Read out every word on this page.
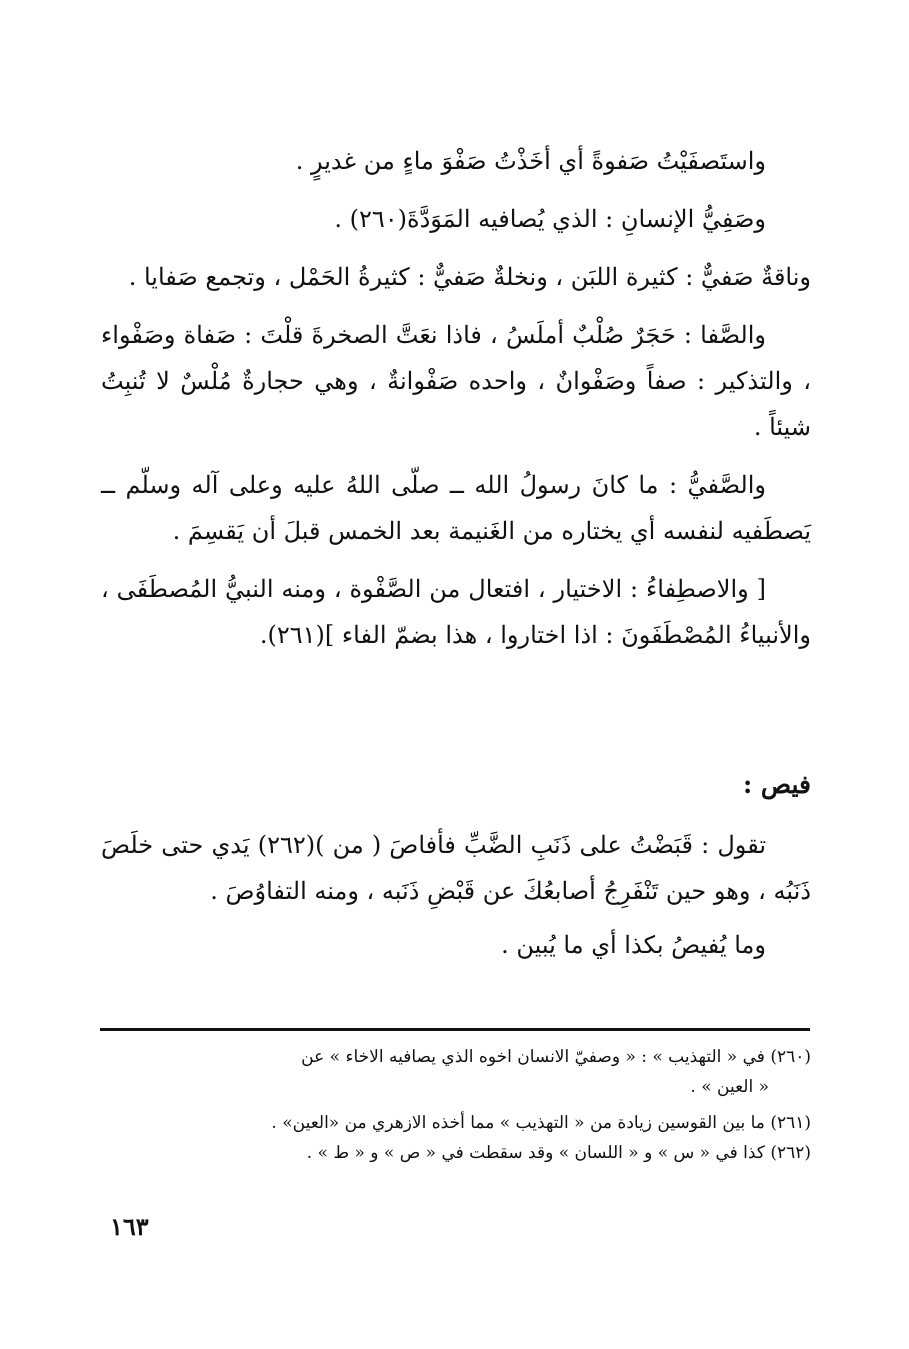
واستَصفَيْتُ صَفوةً أي أخَذْتُ صَفْوَ ماءٍ من غديرٍ .

وصَفِيُّ الإنسانِ : الذي يُصافيه المَوَدَّةَ(٢٦٠) .

وناقةٌ صَفيٌّ : كثيرة اللبَن ، ونخلةٌ صَفيٌّ : كثيرةُ الحَمْل ، وتجمع صَفايا .

والصَّفا : حَجَرٌ صُلْبٌ أملَسُ ، فاذا نعَتَّ الصخرةَ قلْتَ : صَفاة وصَفْواء ، والتذكير : صفاً وصَفْوانٌ ، واحده صَفْوانةٌ ، وهي حجارةٌ مُلْسٌ لا تُنبِتُ شيئاً .

والصَّفيُّ : ما كانَ رسولُ الله ــ صلّى اللهُ عليه وعلى آله وسلّم ــ يَصطَفيه لنفسه أي يختاره من الغَنيمة بعد الخمس قبلَ أن يَقسِمَ .

[ والاصطِفاءُ : الاختيار ، افتعال من الصَّفْوة ، ومنه النبيُّ المُصطَفَى ، والأنبياءُ المُصْطَفَونَ : اذا اختاروا ، هذا بضمّ الفاء ](٢٦١).

فيص :

تقول : قَبَضْتُ على ذَنَبِ الضَّبِّ فأفاصَ ( من )(٢٦٢) يَدي حتى خلَصَ ذَنَبُه ، وهو حين تَنْفَرِجُ أصابعُكَ عن قَبْضِ ذَنَبه ، ومنه التفاوُصَ .

وما يُفيصُ بكذا أي ما يُبين .

(٢٦٠) في « التهذيب » : « وصفيّ الانسان اخوه الذي يصافيه الاخاء » عن

« العين » .

(٢٦١) ما بين القوسين زيادة من « التهذيب » مما أخذه الازهري من «العين» .

(٢٦٢) كذا في « س » و « اللسان » وقد سقطت في « ص » و « ط » .

١٦٣
